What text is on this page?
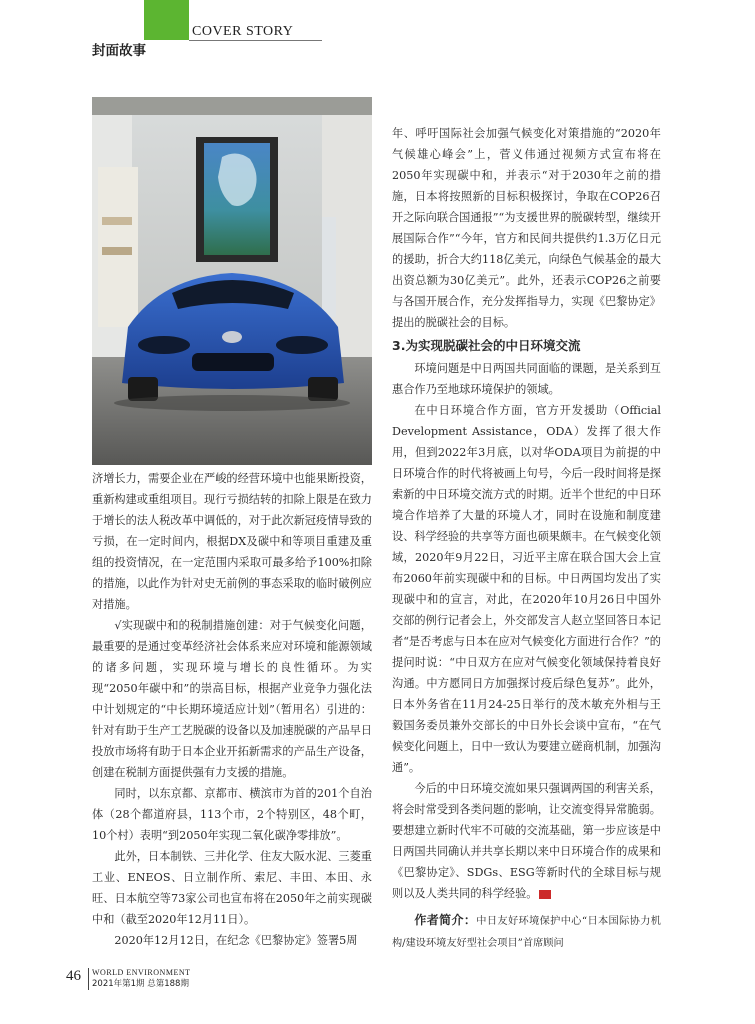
COVER STORY
封面故事

济增长力，需要企业在严峻的经营环境中也能果断投资，重新构建或重组项目。现行亏损结转的扣除上限是在致力于增长的法人税改革中调低的，对于此次新冠疫情导致的亏损，在一定时间内，根据DX及碳中和等项目重建及重组的投资情况，在一定范围内采取可最多给予100%扣除的措施，以此作为针对史无前例的事态采取的临时破例应对措施。

√实现碳中和的税制措施创建：对于气候变化问题，最重要的是通过变革经济社会体系来应对环境和能源领域的诸多问题，实现环境与增长的良性循环。为实现“2050年碳中和”的崇高目标，根据产业竞争力强化法中计划规定的“中长期环境适应计划”（暂用名）引进的：针对有助于生产工艺脱碳的设备以及加速脱碳的产品早日投放市场将有助于日本企业开拓新需求的产品生产设备，创建在税制方面提供强有力支援的措施。

同时，以东京都、京都市、横滨市为首的201个自治体（28个都道府县，113个市，2个特别区，48个町，10个村）表明“到2050年实现二氧化碳净零排放”。

此外，日本制铁、三井化学、住友大阪水泥、三菱重工业、ENEOS、日立制作所、索尼、丰田、本田、永旺、日本航空等73家公司也宣布将在2050年之前实现碳中和（截至2020年12月11日）。

2020年12月12日，在纪念《巴黎协定》签署5周

年、呼吁国际社会加强气候变化对策措施的“2020年气候雄心峰会”上，菅义伟通过视频方式宣布将在2050年实现碳中和，并表示“对于2030年之前的措施，日本将按照新的目标积极探讨，争取在COP26召开之际向联合国通报”“为支援世界的脱碳转型，继续开展国际合作”“今年，官方和民间共提供约1.3万亿日元的援助，折合大约118亿美元，向绿色气候基金的最大出资总额为30亿美元”。此外，还表示COP26之前要与各国开展合作，充分发挥指导力，实现《巴黎协定》提出的脱碳社会的目标。

3.为实现脱碳社会的中日环境交流

环境问题是中日两国共同面临的课题，是关系到互惠合作乃至地球环境保护的领域。

在中日环境合作方面，官方开发援助（Official Development Assistance，ODA）发挥了很大作用，但到2022年3月底，以对华ODA项目为前提的中日环境合作的时代将被画上句号，今后一段时间将是探索新的中日环境交流方式的时期。近半个世纪的中日环境合作培养了大量的环境人才，同时在设施和制度建设、科学经验的共享等方面也硕果颇丰。在气候变化领域，2020年9月22日，习近平主席在联合国大会上宣布2060年前实现碳中和的目标。中日两国均发出了实现碳中和的宣言，对此，在2020年10月26日中国外交部的例行记者会上，外交部发言人赵立坚回答日本记者“是否考虑与日本在应对气候变化方面进行合作？”的提问时说：“中日双方在应对气候变化领域保持着良好沟通。中方愿同日方加强探讨疫后绿色复苏”。此外，日本外务省在11月24-25日举行的茂木敏充外相与王毅国务委员兼外交部长的中日外长会谈中宣布，“在气候变化问题上，日中一致认为要建立磋商机制，加强沟通”。

今后的中日环境交流如果只强调两国的利害关系，将会时常受到各类问题的影响，让交流变得异常脆弱。要想建立新时代牢不可破的交流基础，第一步应该是中日两国共同确认并共享长期以来中日环境合作的成果和《巴黎协定》、SDGs、ESG等新时代的全球目标与规则以及人类共同的科学经验。

作者简介：中日友好环境保护中心“日本国际协力机构/建设环境友好型社会项目”首席顾问

46 WORLD ENVIRONMENT
2021年第1期 总第188期
